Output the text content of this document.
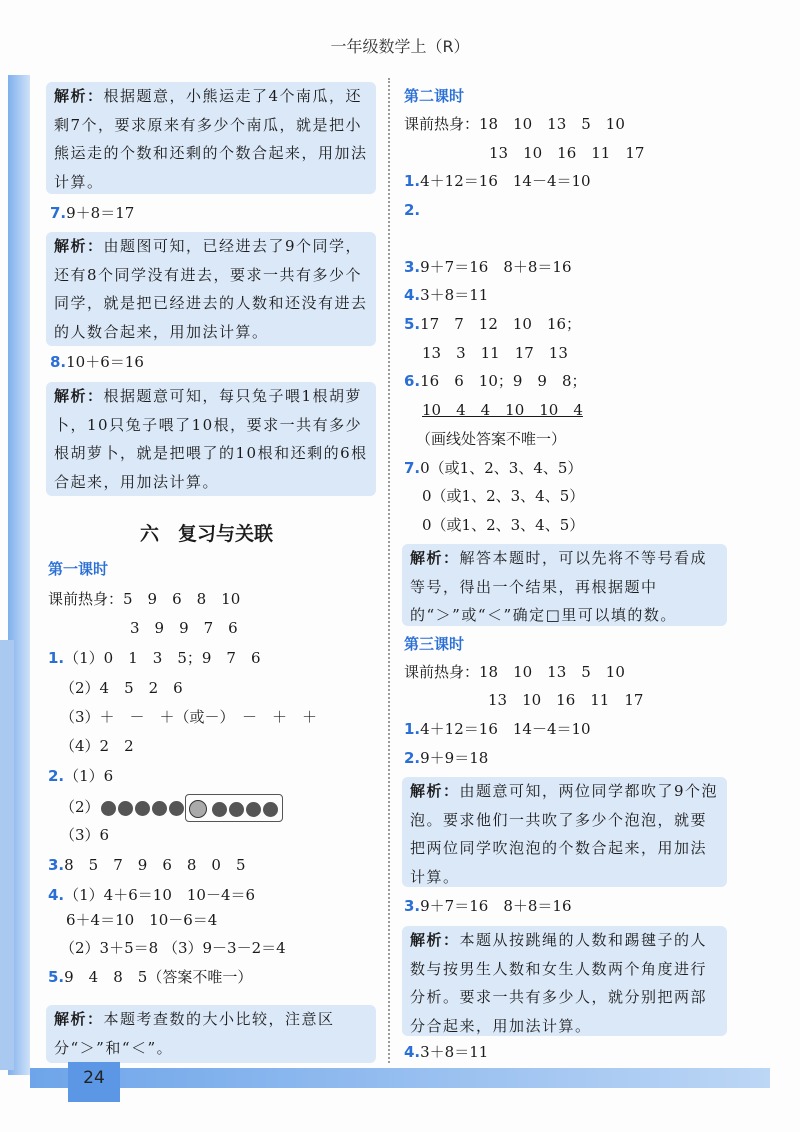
一年级数学上（R）
解析：根据题意，小熊运走了4个南瓜，还剩7个，要求原来有多少个南瓜，就是把小熊运走的个数和还剩的个数合起来，用加法计算。
7.9＋8＝17
解析：由题图可知，已经进去了9个同学，还有8个同学没有进去，要求一共有多少个同学，就是把已经进去的人数和还没有进去的人数合起来，用加法计算。
8.10＋6＝16
解析：根据题意可知，每只兔子喂1根胡萝卜，10只兔子喂了10根，要求一共有多少根胡萝卜，就是把喂了的10根和还剩的6根合起来，用加法计算。
六　复习与关联
第一课时
课前热身：5　9　6　8　10
3　9　9　7　6
1.（1）0　1　3　5；9　7　6
（2）4　5　2　6
（3）＋　－　＋（或－）　－　＋　＋
（4）2　2
2.（1）6
（2）
（3）6
3.8　5　7　9　6　8　0　5
4.（1）4＋6＝10　10－4＝6
6＋4＝10　10－6＝4
（2）3＋5＝8 （3）9－3－2＝4
5.9　4　8　5（答案不唯一）
解析：本题考查数的大小比较，注意区分“＞”和“＜”。
第二课时
课前热身：18　10　13　5　10
13　10　16　11　17
1.4＋12＝16　14－4＝10
2.
3.9＋7＝16　8＋8＝16
4.3＋8＝11
5.17　7　12　10　16；
13　3　11　17　13
6.16　6　10；9　9　8；
10　4　4　10　10　4
（画线处答案不唯一）
7.0（或1、2、3、4、5）
0（或1、2、3、4、5）
0（或1、2、3、4、5）
解析：解答本题时，可以先将不等号看成等号，得出一个结果，再根据题中的“＞”或“＜”确定□里可以填的数。
第三课时
课前热身：18　10　13　5　10
13　10　16　11　17
1.4＋12＝16　14－4＝10
2.9＋9＝18
解析：由题意可知，两位同学都吹了9个泡泡。要求他们一共吹了多少个泡泡，就要把两位同学吹泡泡的个数合起来，用加法计算。
3.9＋7＝16　8＋8＝16
解析：本题从按跳绳的人数和踢毽子的人数与按男生人数和女生人数两个角度进行分析。要求一共有多少人，就分别把两部分合起来，用加法计算。
4.3＋8＝11
24
